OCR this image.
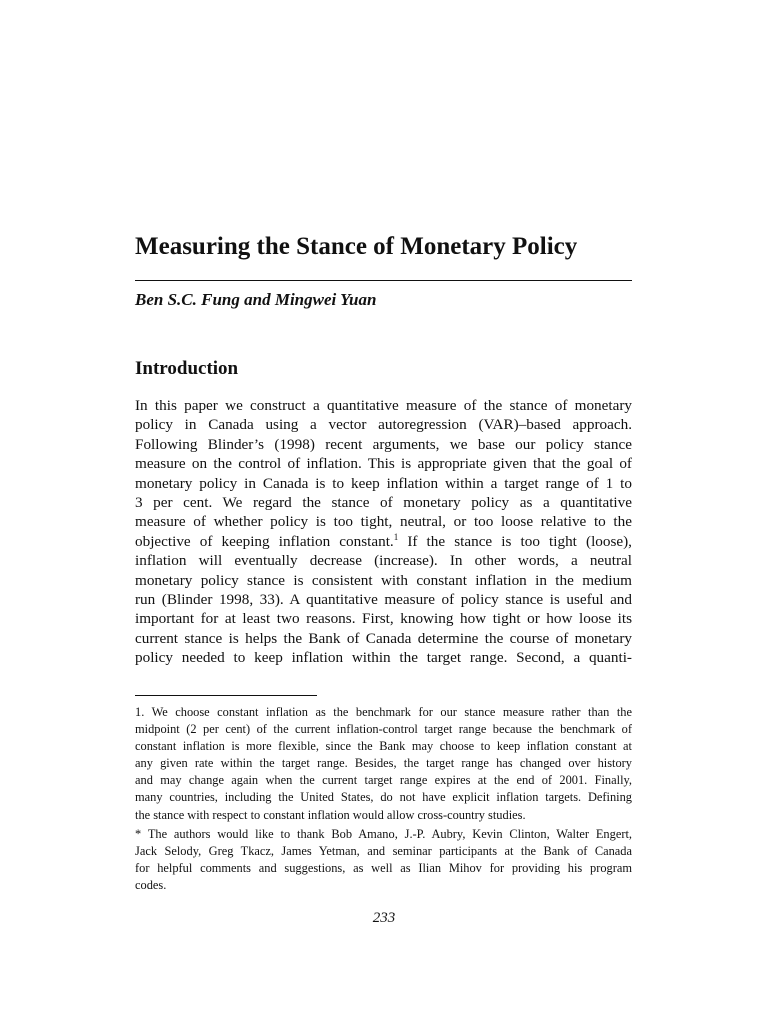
Measuring the Stance of Monetary Policy
Ben S.C. Fung and Mingwei Yuan
Introduction

In this paper we construct a quantitative measure of the stance of monetary
policy in Canada using a vector autoregression (VAR)–based approach.
Following Blinder’s (1998) recent arguments, we base our policy stance
measure on the control of inflation. This is appropriate given that the goal of
monetary policy in Canada is to keep inflation within a target range of 1 to
3 per cent. We regard the stance of monetary policy as a quantitative
measure of whether policy is too tight, neutral, or too loose relative to the
objective of keeping inflation constant.$^1$ If the stance is too tight (loose),
inflation will eventually decrease (increase). In other words, a neutral
monetary policy stance is consistent with constant inflation in the medium
run (Blinder 1998, 33). A quantitative measure of policy stance is useful and
important for at least two reasons. First, knowing how tight or how loose its
current stance is helps the Bank of Canada determine the course of monetary
policy needed to keep inflation within the target range. Second, a quanti-

1. We choose constant inflation as the benchmark for our stance measure rather than the
midpoint (2 per cent) of the current inflation-control target range because the benchmark of
constant inflation is more flexible, since the Bank may choose to keep inflation constant at
any given rate within the target range. Besides, the target range has changed over history
and may change again when the current target range expires at the end of 2001. Finally,
many countries, including the United States, do not have explicit inflation targets. Defining
the stance with respect to constant inflation would allow cross-country studies.
* The authors would like to thank Bob Amano, J.-P. Aubry, Kevin Clinton, Walter Engert,
Jack Selody, Greg Tkacz, James Yetman, and seminar participants at the Bank of Canada
for helpful comments and suggestions, as well as Ilian Mihov for providing his program
codes.
233
